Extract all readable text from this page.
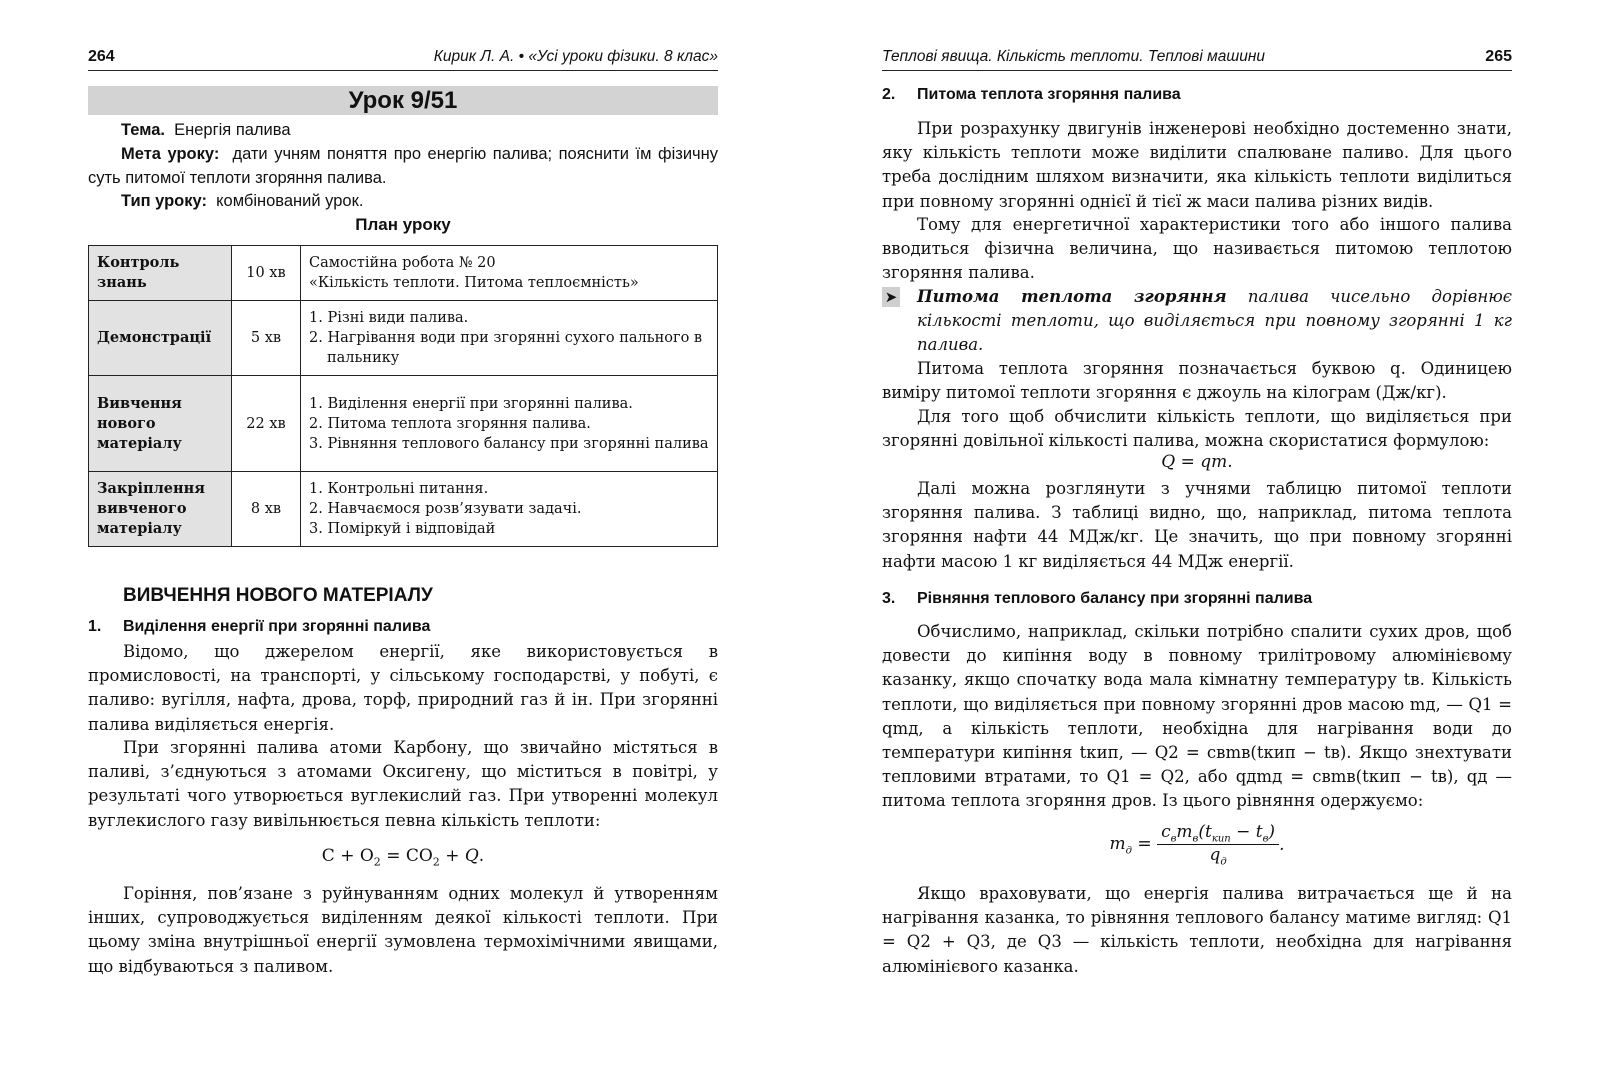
264	Кирик Л. А. • «Усі уроки фізики. 8 клас»
Урок 9/51
Тема. Енергія палива
Мета уроку: дати учням поняття про енергію палива; пояснити їм фізичну суть питомої теплоти згоряння палива.
Тип уроку: комбінований урок.
План уроку
Контроль знань	10 хв	Самостійна робота № 20
«Кількість теплоти. Питома теплоємність»

Демонстрації	5 хв	1. Різні види палива.
2. Нагрівання води при згорянні сухого пального в пальнику

Вивчення нового матеріалу	22 хв	1. Виділення енергії при згорянні палива.
2. Питома теплота згоряння палива.
3. Рівняння теплового балансу при згорянні палива

Закріплення вивченого матеріалу	8 хв	1. Контрольні питання.
2. Навчаємося розв’язувати задачі.
3. Поміркуй і відповідай
ВИВЧЕННЯ НОВОГО МАТЕРІАЛУ
1. Виділення енергії при згорянні палива
Відомо, що джерелом енергії, яке використовується в промисловості, на транспорті, у сільському господарстві, у побуті, є паливо: вугілля, нафта, дрова, торф, природний газ й ін. При згорянні палива виділяється енергія.
При згорянні палива атоми Карбону, що звичайно містяться в паливі, з’єднуються з атомами Оксигену, що міститься в повітрі, у результаті чого утворюється вуглекислий газ. При утворенні молекул вуглекислого газу вивільнюється певна кількість теплоти:
$C + O_2 = CO_2 + Q$.
Горіння, пов’язане з руйнуванням одних молекул й утворенням інших, супроводжується виділенням деякої кількості теплоти. При цьому зміна внутрішньої енергії зумовлена термохімічними явищами, що відбуваються з паливом.
Теплові явища. Кількість теплоти. Теплові машини	265
2. Питома теплота згоряння палива
При розрахунку двигунів інженерові необхідно достеменно знати, яку кількість теплоти може виділити спалюване паливо. Для цього треба дослідним шляхом визначити, яка кількість теплоти виділиться при повному згорянні однієї й тієї ж маси палива різних видів.
Тому для енергетичної характеристики того або іншого палива вводиться фізична величина, що називається питомою теплотою згоряння палива.
➤	Питома теплота згоряння палива чисельно дорівнює кількості теплоти, що виділяється при повному згорянні 1 кг палива.
Питома теплота згоряння позначається буквою q. Одиницею виміру питомої теплоти згоряння є джоуль на кілограм (Дж/кг).
Для того щоб обчислити кількість теплоти, що виділяється при згорянні довільної кількості палива, можна скористатися формулою:
Q = qm.
Далі можна розглянути з учнями таблицю питомої теплоти згоряння палива. З таблиці видно, що, наприклад, питома теплота згоряння нафти 44 МДж/кг. Це значить, що при повному згорянні нафти масою 1 кг виділяється 44 МДж енергії.
3. Рівняння теплового балансу при згорянні палива
Обчислимо, наприклад, скільки потрібно спалити сухих дров, щоб довести до кипіння воду в повному трилітровому алюмінієвому казанку, якщо спочатку вода мала кімнатну температуру tв. Кількість теплоти, що виділяється при повному згорянні дров масою mд, — Q1 = qmд, а кількість теплоти, необхідна для нагрівання води до температури кипіння tкип, — Q2 = cвmв(tкип − tв). Якщо знехтувати тепловими втратами, то Q1 = Q2, або qдmд = cвmв(tкип − tв), qд — питома теплота згоряння дров. Із цього рівняння одержуємо:
$m_д$ =
$c_вm_в(t_{кип} - t_в)$
$q_д$
.
Якщо враховувати, що енергія палива витрачається ще й на нагрівання казанка, то рівняння теплового балансу матиме вигляд: Q1 = Q2 + Q3, де Q3 — кількість теплоти, необхідна для нагрівання алюмінієвого казанка.
